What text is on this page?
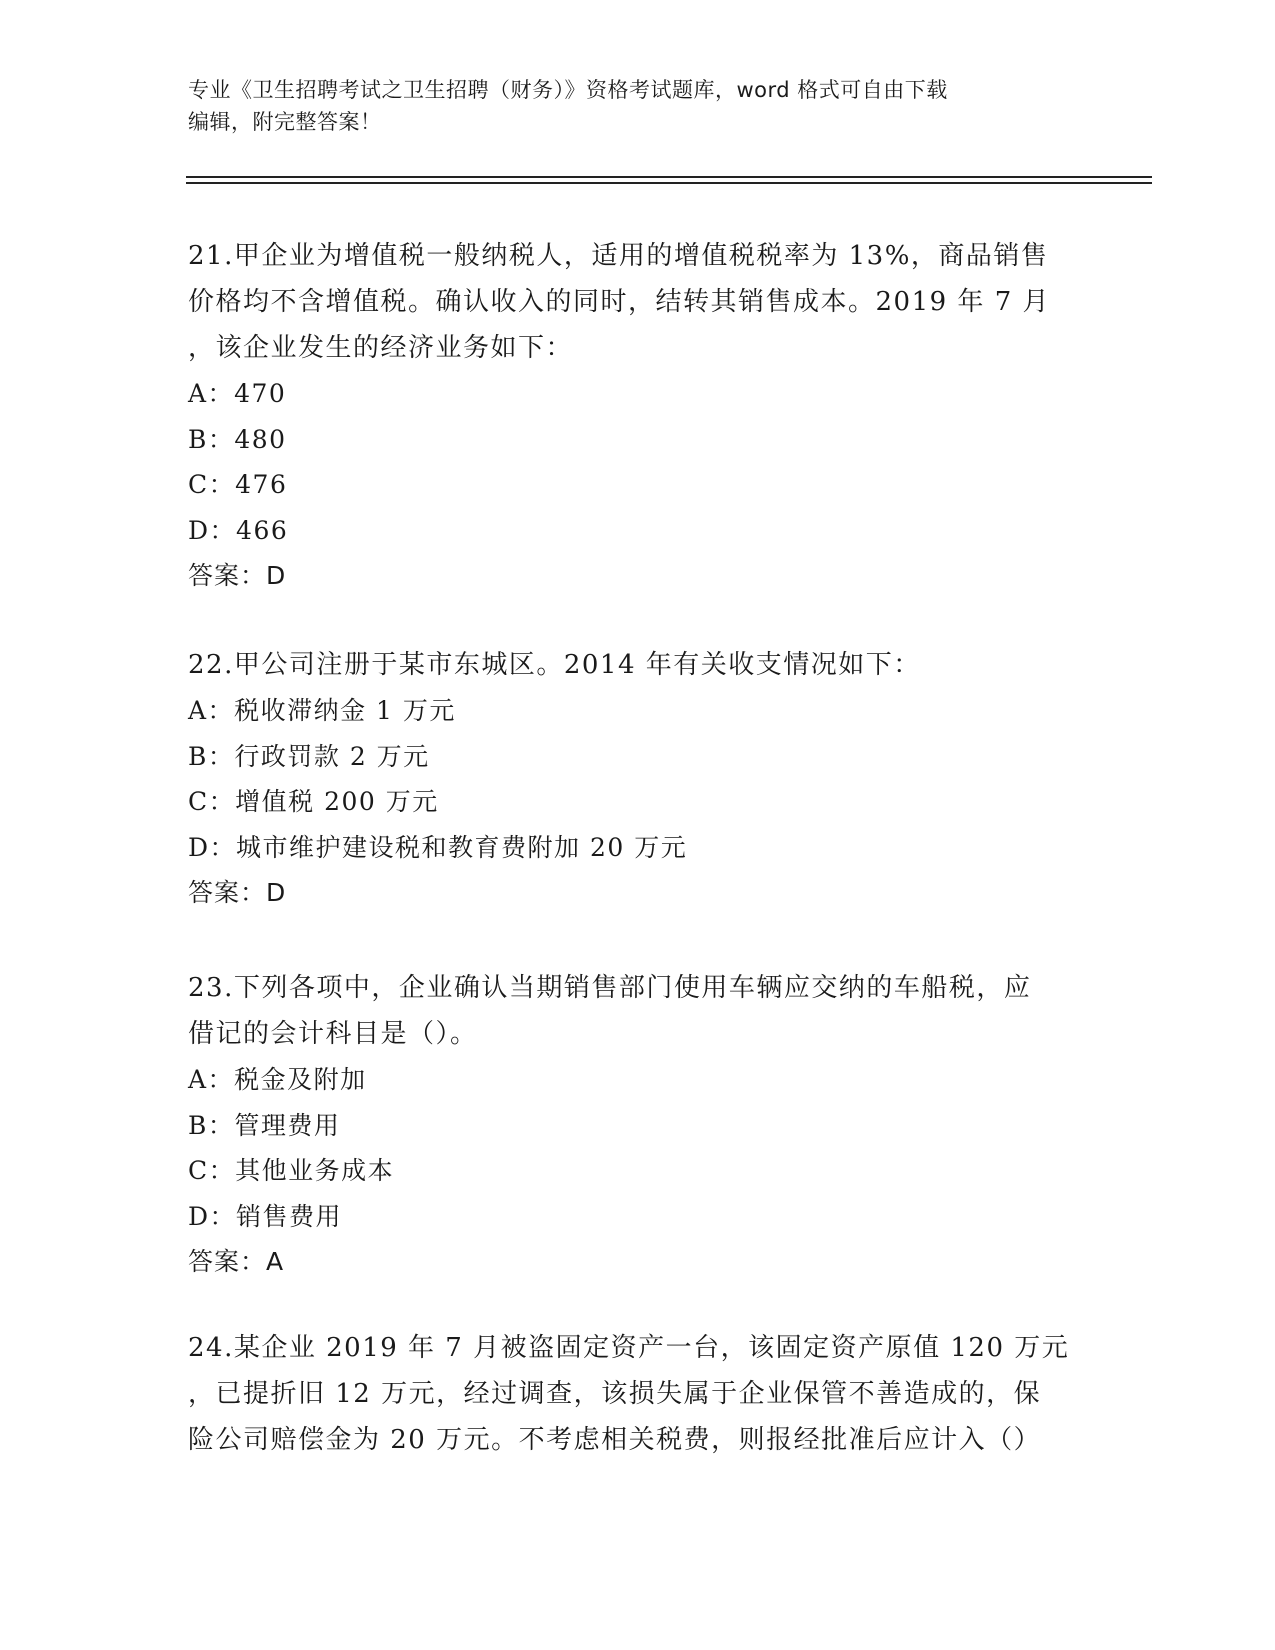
专业《卫生招聘考试之卫生招聘（财务）》资格考试题库，word 格式可自由下载
编辑，附完整答案！

21.甲企业为增值税一般纳税人，适用的增值税税率为 13%，商品销售
价格均不含增值税。确认收入的同时，结转其销售成本。2019 年 7 月
，该企业发生的经济业务如下：

A：470
B：480
C：476
D：466
答案：D

22.甲公司注册于某市东城区。2014 年有关收支情况如下：

A：税收滞纳金 1 万元
B：行政罚款 2 万元
C：增值税 200 万元
D：城市维护建设税和教育费附加 20 万元
答案：D

23.下列各项中，企业确认当期销售部门使用车辆应交纳的车船税，应
借记的会计科目是（）。

A：税金及附加
B：管理费用
C：其他业务成本
D：销售费用
答案：A

24.某企业 2019 年 7 月被盗固定资产一台，该固定资产原值 120 万元
，已提折旧 12 万元，经过调查，该损失属于企业保管不善造成的，保
险公司赔偿金为 20 万元。不考虑相关税费，则报经批准后应计入（）
